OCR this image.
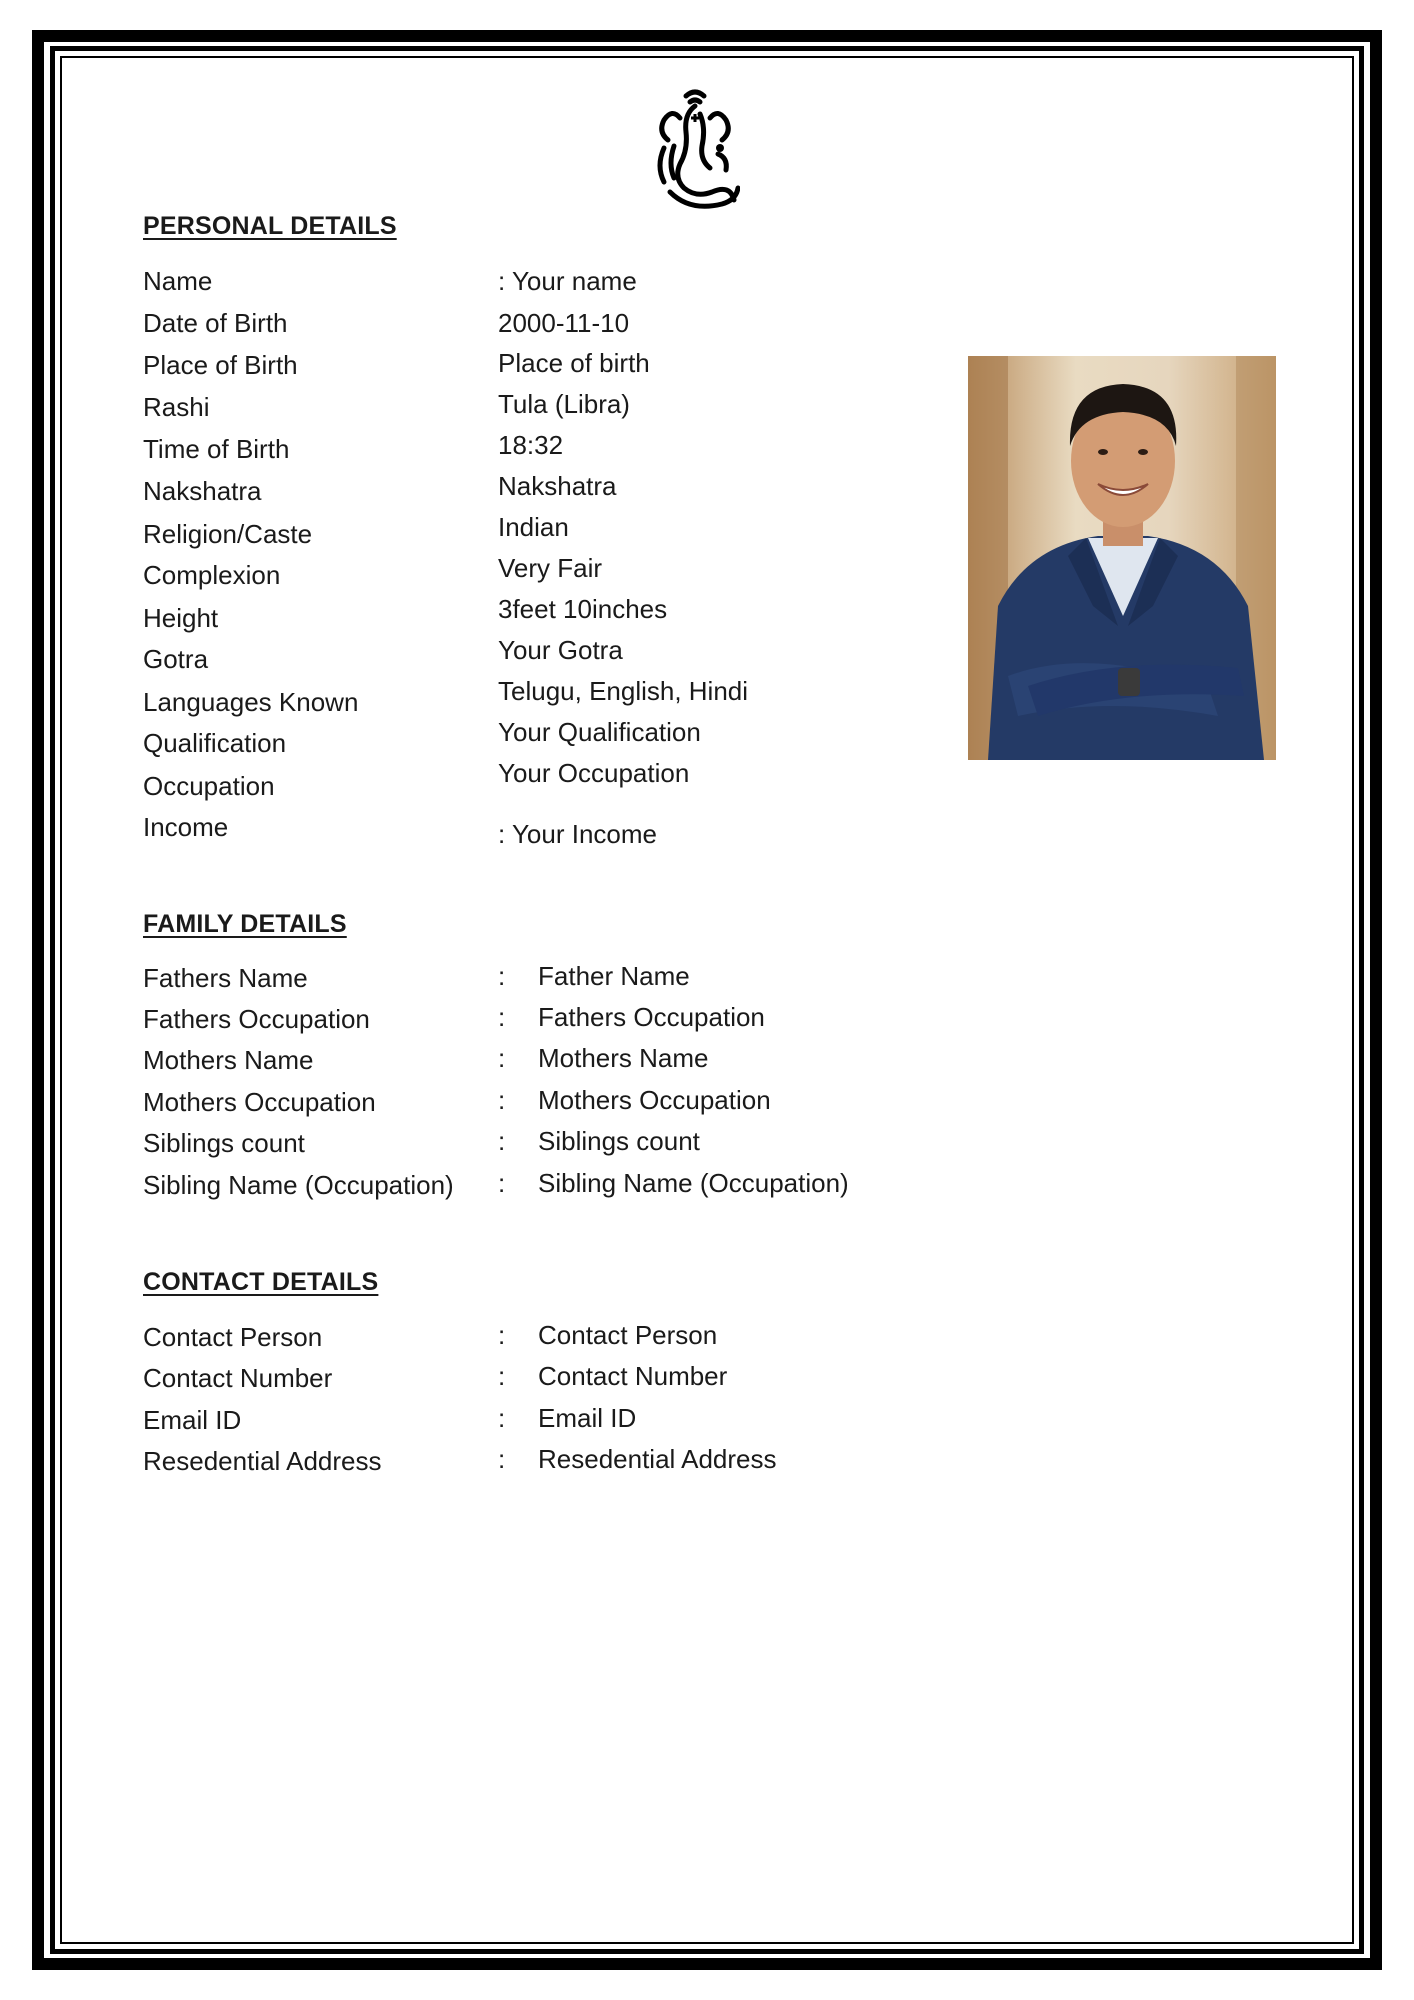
PERSONAL DETAILS
Name	: Your name
Date of Birth	2000-11-10
Place of Birth	Place of birth
Rashi	Tula (Libra)
Time of Birth	18:32
Nakshatra	Nakshatra
Religion/Caste	Indian
Complexion	Very Fair
Height	3feet 10inches
Gotra	Your Gotra
Languages Known	Telugu, English, Hindi
Qualification	Your Qualification
Occupation	Your Occupation
Income	: Your Income
FAMILY DETAILS
Fathers Name	: Father Name
Fathers Occupation	: Fathers Occupation
Mothers Name	: Mothers Name
Mothers Occupation	: Mothers Occupation
Siblings count	: Siblings count
Sibling Name (Occupation) : Sibling Name (Occupation)
CONTACT DETAILS
Contact Person	: Contact Person
Contact Number	: Contact Number
Email ID	: Email ID
Resedential Address	: Resedential Address
